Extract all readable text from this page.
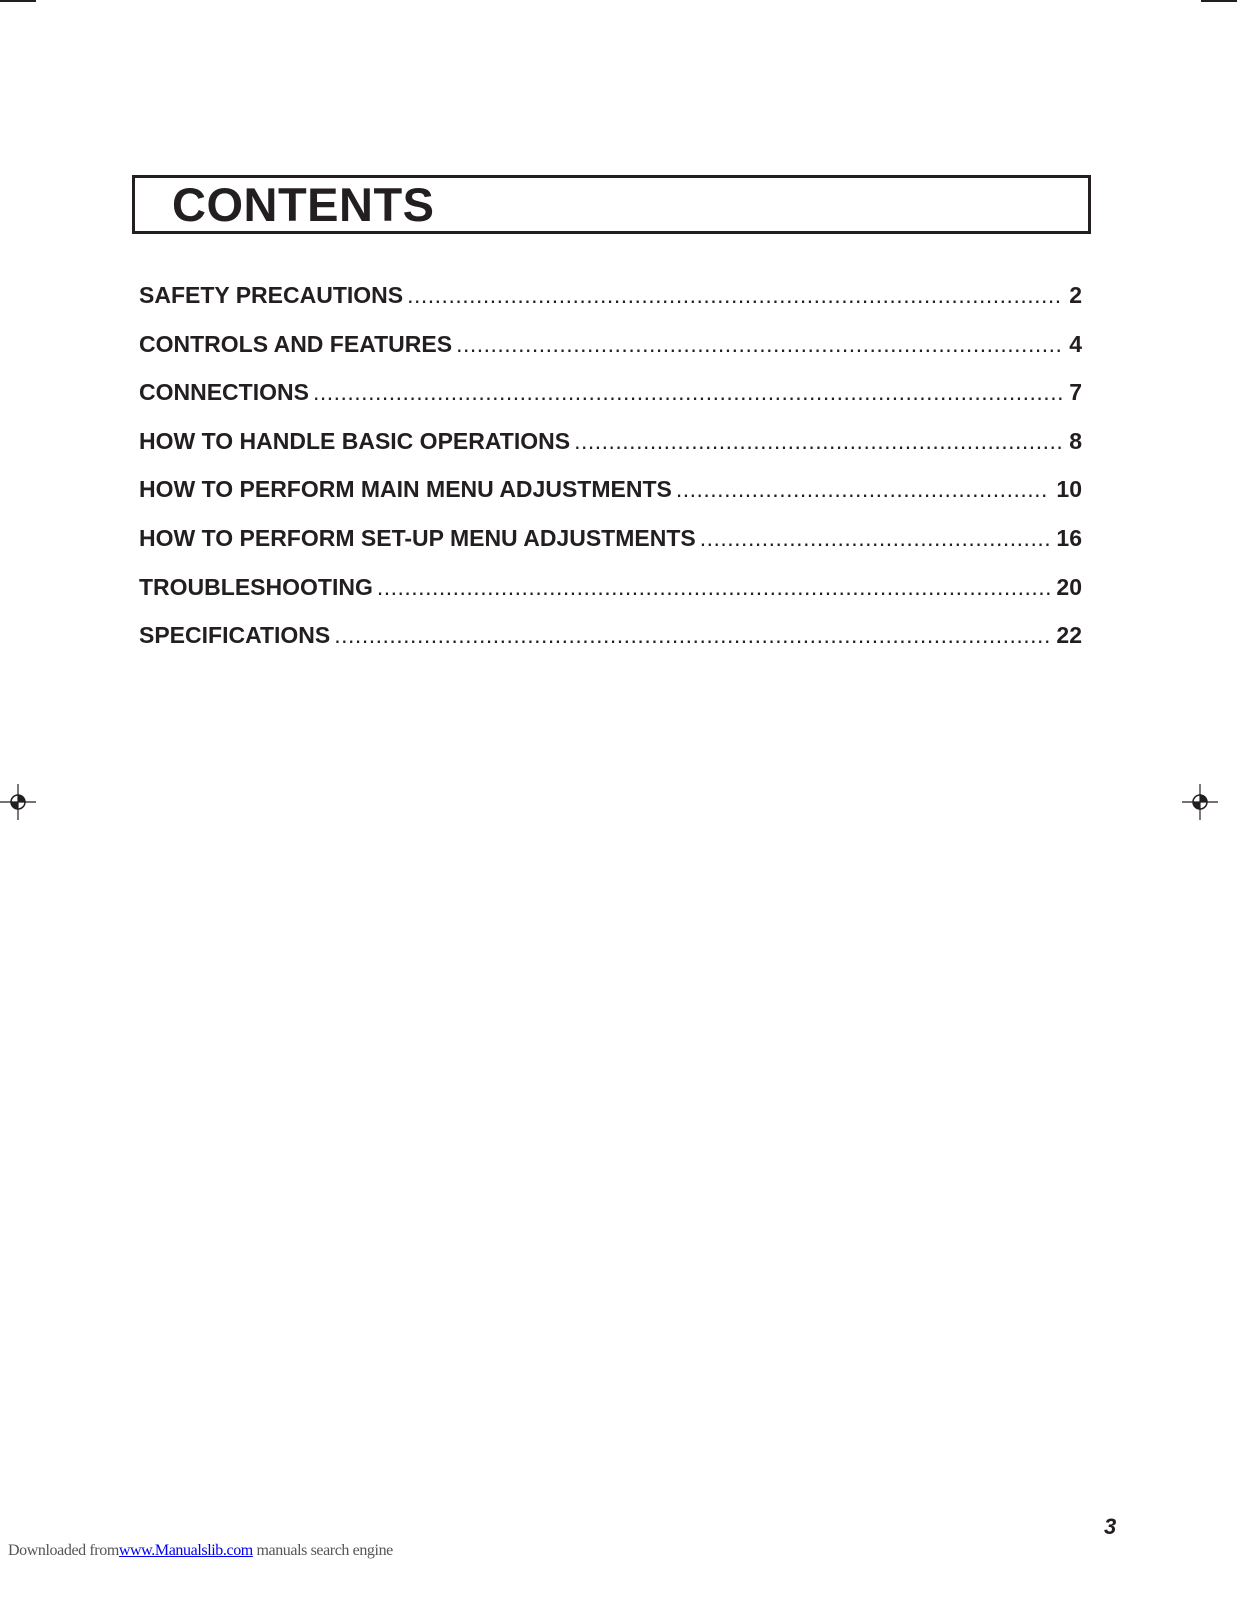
CONTENTS
SAFETY PRECAUTIONS .....	2
CONTROLS AND FEATURES .....	4
CONNECTIONS .....	7
HOW TO HANDLE BASIC OPERATIONS .....	8
HOW TO PERFORM MAIN MENU ADJUSTMENTS .....	10
HOW TO PERFORM SET-UP MENU ADJUSTMENTS .....	16
TROUBLESHOOTING .....	20
SPECIFICATIONS .....	22
3
Downloaded fromwww.Manualslib.com manuals search engine
